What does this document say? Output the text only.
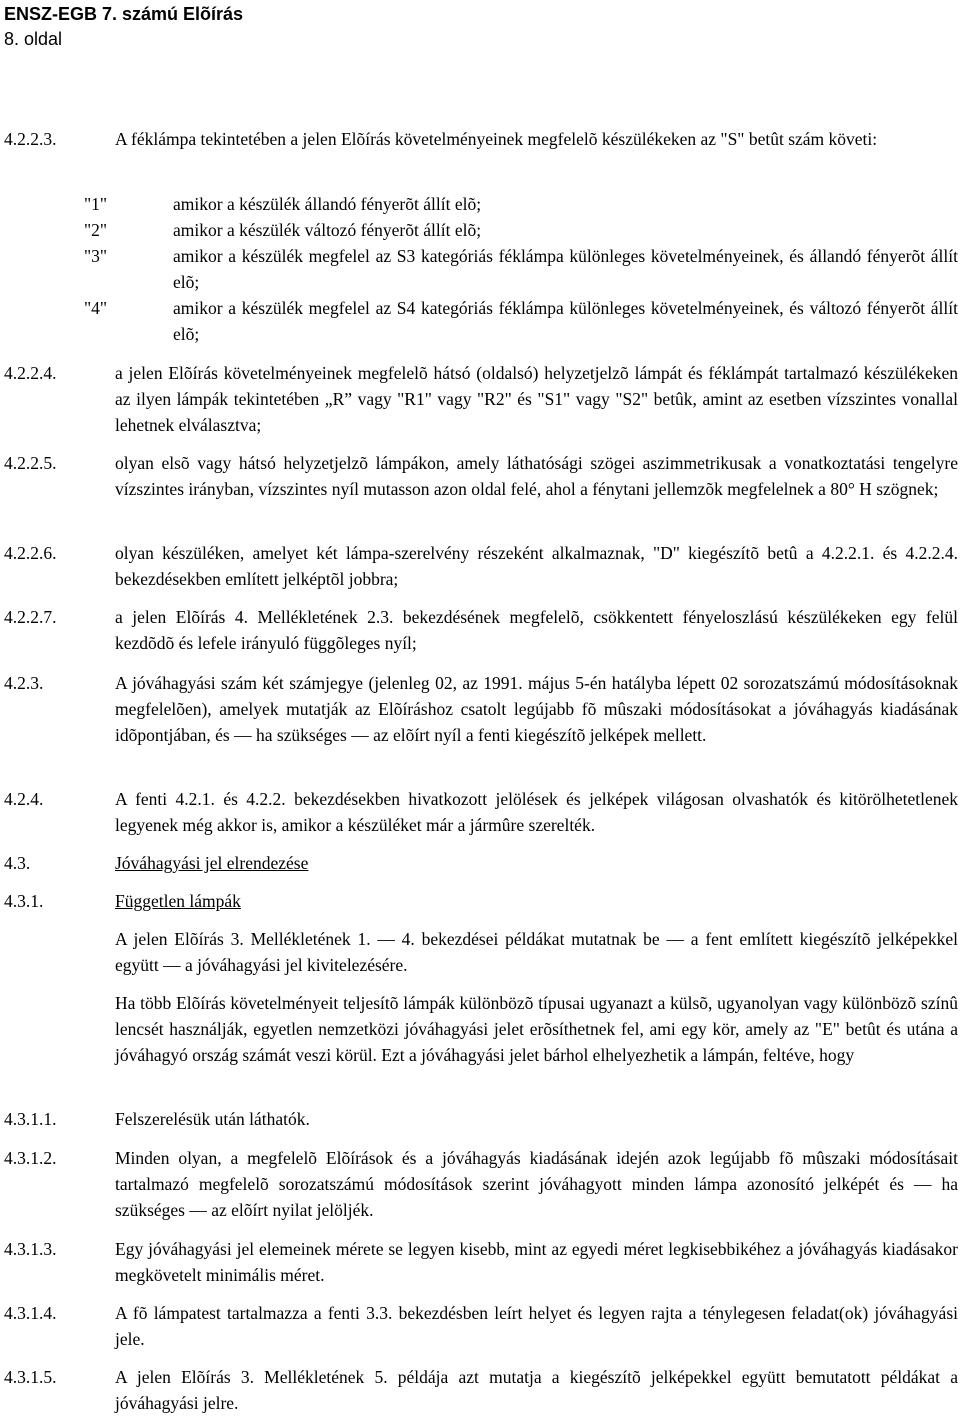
ENSZ-EGB 7. számú Elõírás
8. oldal
4.2.2.3.	A féklámpa tekintetében a jelen Elõírás követelményeinek megfelelõ készülékeken az "S" betût szám követi:
"1"	amikor a készülék állandó fényerõt állít elõ;
"2"	amikor a készülék változó fényerõt állít elõ;
"3"	amikor a készülék megfelel az S3 kategóriás féklámpa különleges követelményeinek, és állandó fényerõt állít elõ;
"4"	amikor a készülék megfelel az S4 kategóriás féklámpa különleges követelményeinek, és változó fényerõt állít elõ;
4.2.2.4.	a jelen Elõírás követelményeinek megfelelõ hátsó (oldalsó) helyzetjelzõ lámpát és féklámpát tartalmazó készülékeken az ilyen lámpák tekintetében „R” vagy "R1" vagy "R2" és "S1" vagy "S2" betûk, amint az esetben vízszintes vonallal lehetnek elválasztva;
4.2.2.5.	olyan elsõ vagy hátsó helyzetjelzõ lámpákon, amely láthatósági szögei aszimmetrikusak a vonatkoztatási tengelyre vízszintes irányban, vízszintes nyíl mutasson azon oldal felé, ahol a fénytani jellemzõk megfelelnek a 80° H szögnek;
4.2.2.6.	olyan készüléken, amelyet két lámpa-szerelvény részeként alkalmaznak, "D" kiegészítõ betû a 4.2.2.1. és 4.2.2.4. bekezdésekben említett jelképtõl jobbra;
4.2.2.7.	a jelen Elõírás 4. Mellékletének 2.3. bekezdésének megfelelõ, csökkentett fényeloszlású készülékeken egy felül kezdõdõ és lefele irányuló függõleges nyíl;
4.2.3.	A jóváhagyási szám két számjegye (jelenleg 02, az 1991. május 5-én hatályba lépett 02 sorozatszámú módosításoknak megfelelõen), amelyek mutatják az Elõíráshoz csatolt legújabb fõ mûszaki módosításokat a jóváhagyás kiadásának idõpontjában, és — ha szükséges — az elõírt nyíl a fenti kiegészítõ jelképek mellett.
4.2.4.	A fenti 4.2.1. és 4.2.2. bekezdésekben hivatkozott jelölések és jelképek világosan olvashatók és kitörölhetetlenek legyenek még akkor is, amikor a készüléket már a jármûre szerelték.
4.3.	Jóváhagyási jel elrendezése
4.3.1.	Független lámpák
A jelen Elõírás 3. Mellékletének 1. — 4. bekezdései példákat mutatnak be — a fent említett kiegészítõ jelképekkel együtt — a jóváhagyási jel kivitelezésére.
Ha több Elõírás követelményeit teljesítõ lámpák különbözõ típusai ugyanazt a külsõ, ugyanolyan vagy különbözõ színû lencsét használják, egyetlen nemzetközi jóváhagyási jelet erõsíthetnek fel, ami egy kör, amely az "E" betût és utána a jóváhagyó ország számát veszi körül. Ezt a jóváhagyási jelet bárhol elhelyezhetik a lámpán, feltéve, hogy
4.3.1.1.	Felszerelésük után láthatók.
4.3.1.2.	Minden olyan, a megfelelõ Elõírások és a jóváhagyás kiadásának idején azok legújabb fõ mûszaki módosításait tartalmazó megfelelõ sorozatszámú módosítások szerint jóváhagyott minden lámpa azonosító jelképét és — ha szükséges — az elõírt nyilat jelöljék.
4.3.1.3.	Egy jóváhagyási jel elemeinek mérete se legyen kisebb, mint az egyedi méret legkisebbikéhez a jóváhagyás kiadásakor megkövetelt minimális méret.
4.3.1.4.	A fõ lámpatest tartalmazza a fenti 3.3. bekezdésben leírt helyet és legyen rajta a ténylegesen feladat(ok) jóváhagyási jele.
4.3.1.5.	A jelen Elõírás 3. Mellékletének 5. példája azt mutatja a kiegészítõ jelképekkel együtt bemutatott példákat a jóváhagyási jelre.
